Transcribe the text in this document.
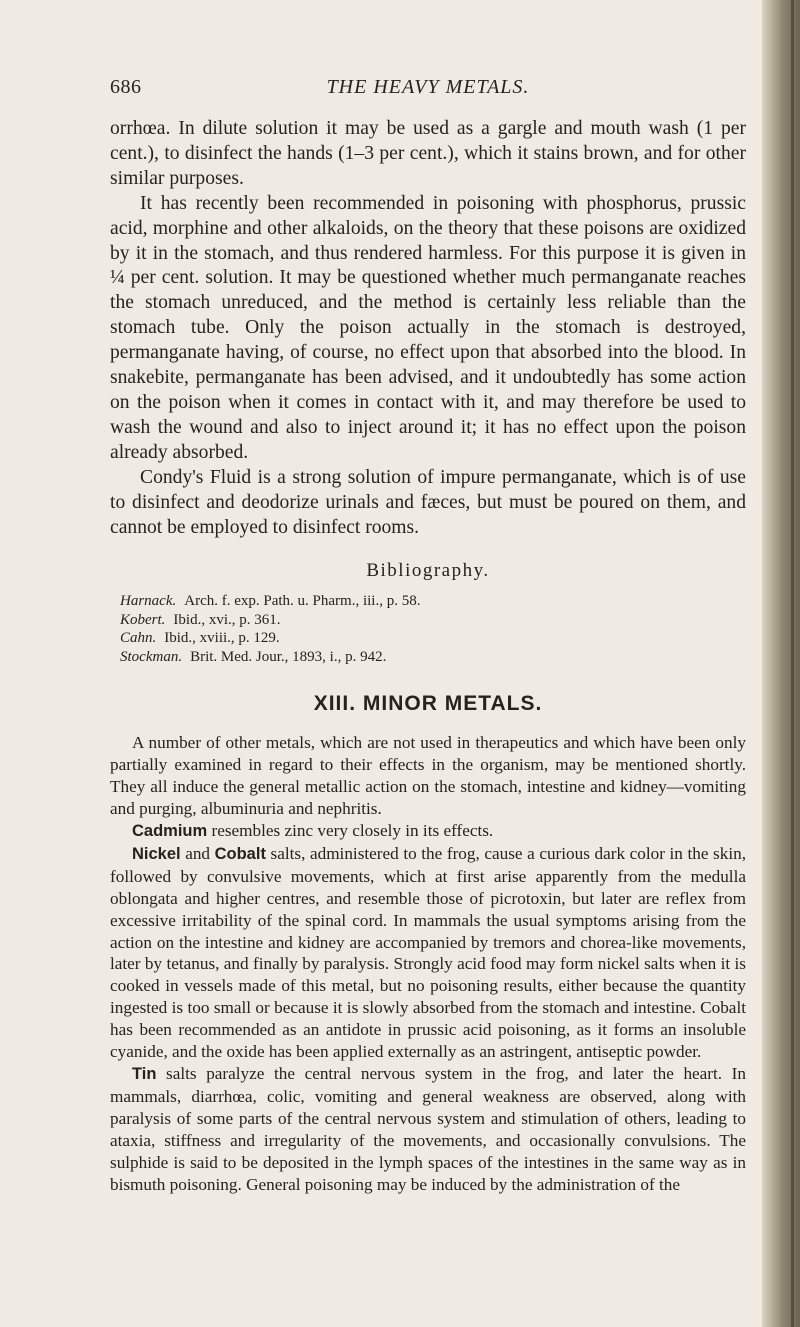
686	THE HEAVY METALS.

orrhœa. In dilute solution it may be used as a gargle and mouth wash (1 per cent.), to disinfect the hands (1–3 per cent.), which it stains brown, and for other similar purposes.

It has recently been recommended in poisoning with phosphorus, prussic acid, morphine and other alkaloids, on the theory that these poisons are oxidized by it in the stomach, and thus rendered harmless. For this purpose it is given in ¼ per cent. solution. It may be questioned whether much permanganate reaches the stomach unreduced, and the method is certainly less reliable than the stomach tube. Only the poison actually in the stomach is destroyed, permanganate having, of course, no effect upon that absorbed into the blood. In snakebite, permanganate has been advised, and it undoubtedly has some action on the poison when it comes in contact with it, and may therefore be used to wash the wound and also to inject around it; it has no effect upon the poison already absorbed.

Condy's Fluid is a strong solution of impure permanganate, which is of use to disinfect and deodorize urinals and fæces, but must be poured on them, and cannot be employed to disinfect rooms.

Bibliography.
Harnack. Arch. f. exp. Path. u. Pharm., iii., p. 58.
Kobert. Ibid., xvi., p. 361.
Cahn. Ibid., xviii., p. 129.
Stockman. Brit. Med. Jour., 1893, i., p. 942.
XIII. MINOR METALS.

A number of other metals, which are not used in therapeutics and which have been only partially examined in regard to their effects in the organism, may be mentioned shortly. They all induce the general metallic action on the stomach, intestine and kidney—vomiting and purging, albuminuria and nephritis.

Cadmium resembles zinc very closely in its effects.

Nickel and Cobalt salts, administered to the frog, cause a curious dark color in the skin, followed by convulsive movements, which at first arise apparently from the medulla oblongata and higher centres, and resemble those of picrotoxin, but later are reflex from excessive irritability of the spinal cord. In mammals the usual symptoms arising from the action on the intestine and kidney are accompanied by tremors and chorea-like movements, later by tetanus, and finally by paralysis. Strongly acid food may form nickel salts when it is cooked in vessels made of this metal, but no poisoning results, either because the quantity ingested is too small or because it is slowly absorbed from the stomach and intestine. Cobalt has been recommended as an antidote in prussic acid poisoning, as it forms an insoluble cyanide, and the oxide has been applied externally as an astringent, antiseptic powder.

Tin salts paralyze the central nervous system in the frog, and later the heart. In mammals, diarrhœa, colic, vomiting and general weakness are observed, along with paralysis of some parts of the central nervous system and stimulation of others, leading to ataxia, stiffness and irregularity of the movements, and occasionally convulsions. The sulphide is said to be deposited in the lymph spaces of the intestines in the same way as in bismuth poisoning. General poisoning may be induced by the administration of the
